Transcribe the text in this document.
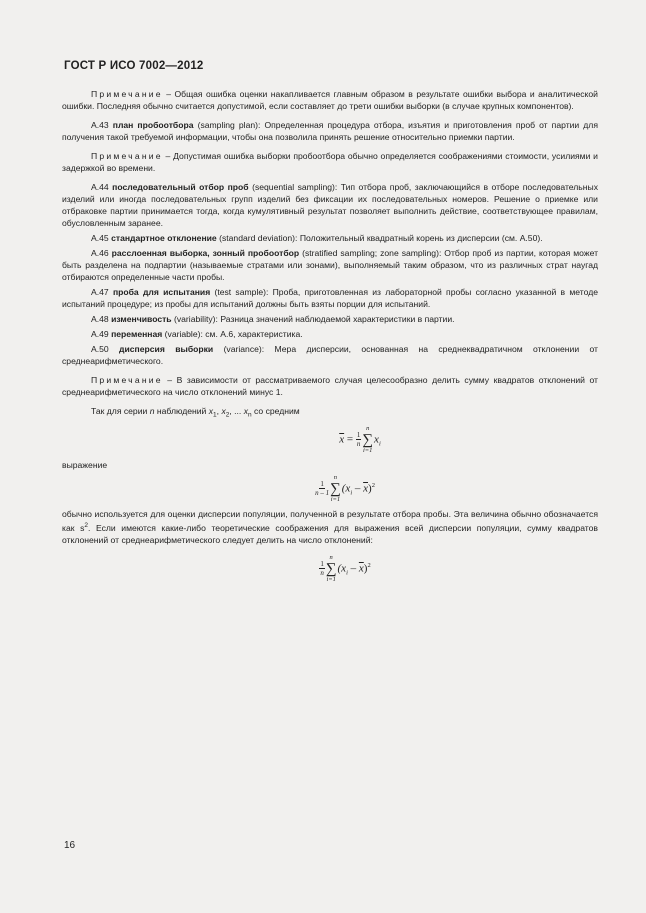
ГОСТ Р ИСО 7002—2012

Примечание – Общая ошибка оценки накапливается главным образом в результате ошибки выбора и аналитической ошибки. Последняя обычно считается допустимой, если составляет до трети ошибки выборки (в случае крупных компонентов).

А.43 план пробоотбора (sampling plan): Определенная процедура отбора, изъятия и приготовления проб от партии для получения такой требуемой информации, чтобы она позволила принять решение относительно приемки партии.

Примечание – Допустимая ошибка выборки пробоотбора обычно определяется соображениями стоимости, усилиями и задержкой во времени.

А.44 последовательный отбор проб (sequential sampling): Тип отбора проб, заключающийся в отборе последовательных изделий или иногда последовательных групп изделий без фиксации их последовательных номеров. Решение о приемке или отбраковке партии принимается тогда, когда кумулятивный результат позволяет выполнить действие, соответствующее правилам, обусловленным заранее.

А.45 стандартное отклонение (standard deviation): Положительный квадратный корень из дисперсии (см. А.50).

А.46 расслоенная выборка, зонный пробоотбор (stratified sampling; zone sampling): Отбор проб из партии, которая может быть разделена на подпартии (называемые стратами или зонами), выполняемый таким образом, что из различных страт наугад отбираются определенные части пробы.

А.47 проба для испытания (test sample): Проба, приготовленная из лабораторной пробы согласно указанной в методе испытаний процедуре; из пробы для испытаний должны быть взяты порции для испытаний.

А.48 изменчивость (variability): Разница значений наблюдаемой характеристики в партии.

А.49 переменная (variable): см. А.6, характеристика.

А.50 дисперсия выборки (variance): Мера дисперсии, основанная на среднеквадратичном отклонении от среднеарифметического.

Примечание – В зависимости от рассматриваемого случая целесообразно делить сумму квадратов отклонений от среднеарифметического на число отклонений минус 1.

Так для серии n наблюдений $x_1$, $x_2$, ... $x_n$ со средним

$\overline{x} = \frac{1}{n}$
n
∑
i=1
$x_i$

выражение

$\frac{1}{n - 1}$
n
∑
i=1
$(x_i - \overline{x})^2$

обычно используется для оценки дисперсии популяции, полученной в результате отбора пробы. Эта величина обычно обозначается как $s^2$. Если имеются какие-либо теоретические соображения для выражения всей дисперсии популяции, сумму квадратов отклонений от среднеарифметического следует делить на число отклонений:

$\frac{1}{n}$
n
∑
i=1
$(x_i - \overline{x})^2$
16
